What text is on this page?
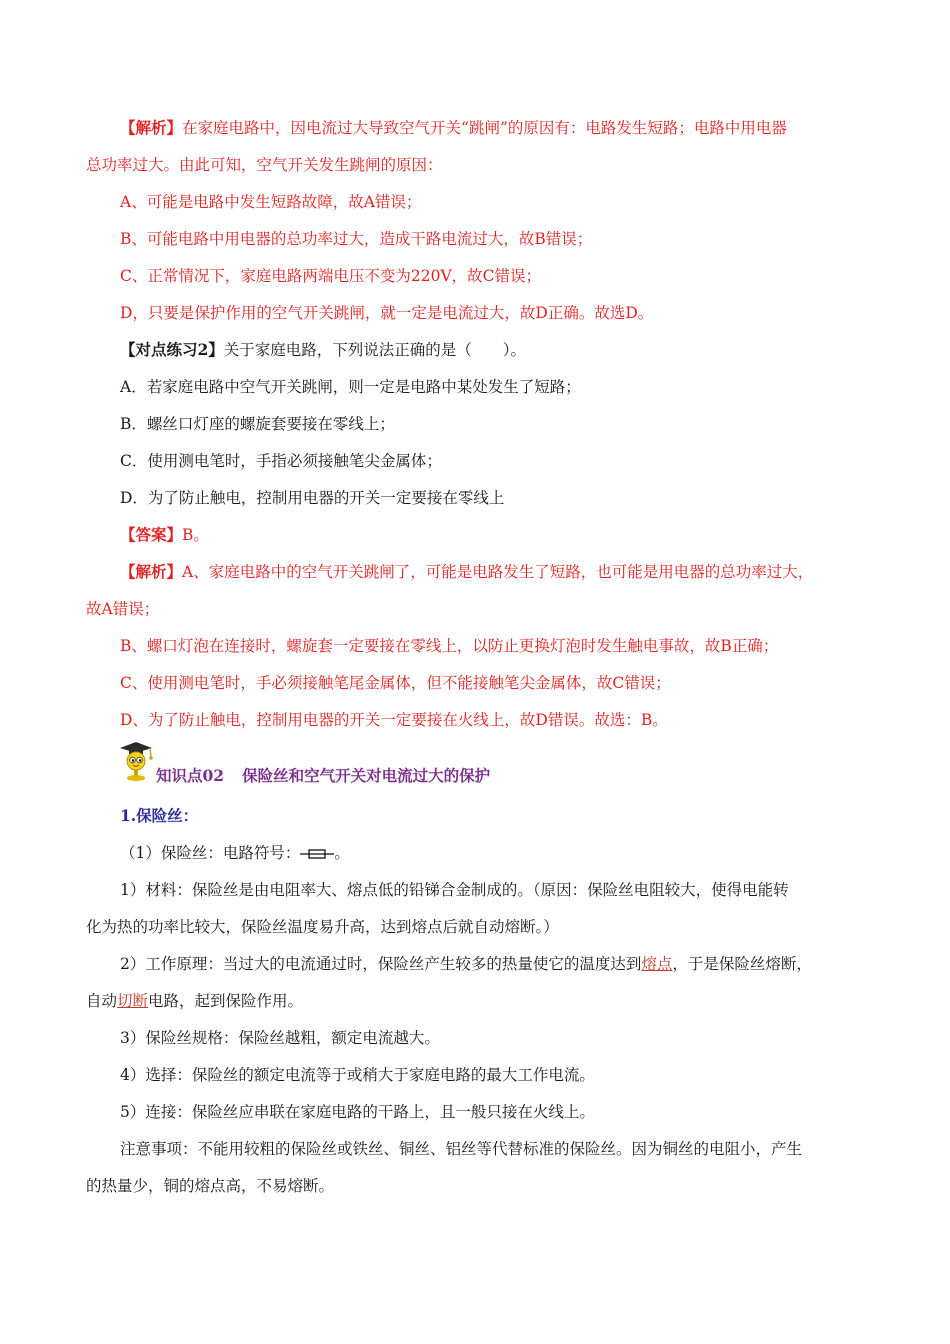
【解析】在家庭电路中，因电流过大导致空气开关“跳闸”的原因有：电路发生短路；电路中用电器
总功率过大。由此可知，空气开关发生跳闸的原因：
A、可能是电路中发生短路故障，故A错误；
B、可能电路中用电器的总功率过大，造成干路电流过大，故B错误；
C、正常情况下，家庭电路两端电压不变为220V，故C错误；
D，只要是保护作用的空气开关跳闸，就一定是电流过大，故D正确。故选D。
【对点练习2】关于家庭电路，下列说法正确的是（　　）。
A．若家庭电路中空气开关跳闸，则一定是电路中某处发生了短路；
B．螺丝口灯座的螺旋套要接在零线上；
C．使用测电笔时，手指必须接触笔尖金属体；
D．为了防止触电，控制用电器的开关一定要接在零线上
【答案】B。
【解析】A、家庭电路中的空气开关跳闸了，可能是电路发生了短路，也可能是用电器的总功率过大，
故A错误；
B、螺口灯泡在连接时，螺旋套一定要接在零线上，以防止更换灯泡时发生触电事故，故B正确；
C、使用测电笔时，手必须接触笔尾金属体，但不能接触笔尖金属体，故C错误；
D、为了防止触电，控制用电器的开关一定要接在火线上，故D错误。故选：B。
知识点02 保险丝和空气开关对电流过大的保护
1.保险丝：
（1）保险丝：电路符号： 。
1）材料：保险丝是由电阻率大、熔点低的铅锑合金制成的。（原因：保险丝电阻较大，使得电能转
化为热的功率比较大，保险丝温度易升高，达到熔点后就自动熔断。）
2）工作原理：当过大的电流通过时，保险丝产生较多的热量使它的温度达到熔点，于是保险丝熔断，
自动切断电路，起到保险作用。
3）保险丝规格：保险丝越粗，额定电流越大。
4）选择：保险丝的额定电流等于或稍大于家庭电路的最大工作电流。
5）连接：保险丝应串联在家庭电路的干路上，且一般只接在火线上。
注意事项：不能用较粗的保险丝或铁丝、铜丝、铝丝等代替标准的保险丝。因为铜丝的电阻小，产生
的热量少，铜的熔点高，不易熔断。
